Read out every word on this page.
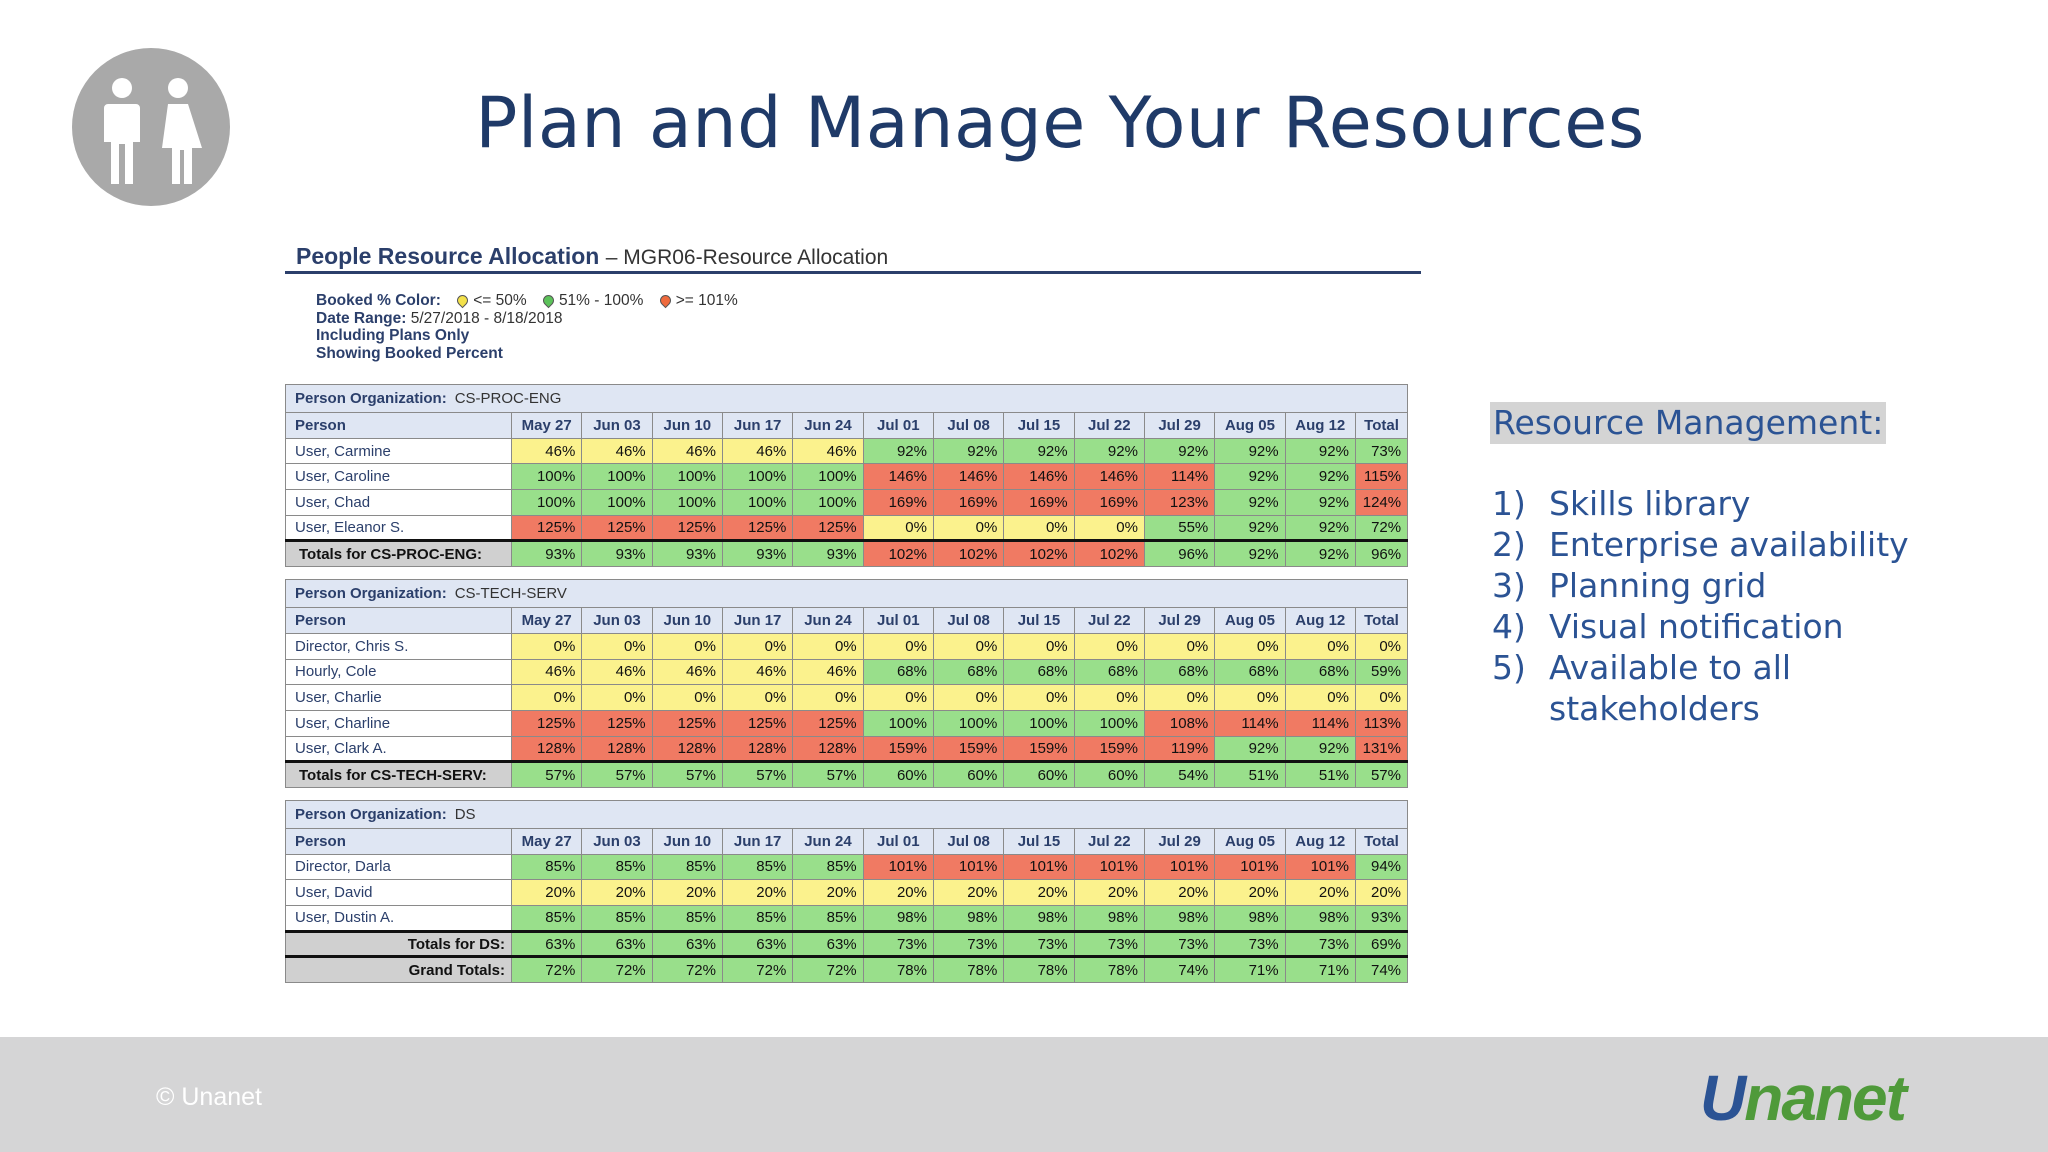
Plan and Manage Your Resources
People Resource Allocation – MGR06-Resource Allocation
Booked % Color: <= 50% 51% - 100% >= 101%
Date Range: 5/27/2018 - 8/18/2018
Including Plans Only
Showing Booked Percent
Person Organization: CS-PROC-ENG													
Person	May 27	Jun 03	Jun 10	Jun 17	Jun 24	Jul 01	Jul 08	Jul 15	Jul 22	Jul 29	Aug 05	Aug 12	Total
User, Carmine	46%	46%	46%	46%	46%	92%	92%	92%	92%	92%	92%	92%	73%
User, Caroline	100%	100%	100%	100%	100%	146%	146%	146%	146%	114%	92%	92%	115%
User, Chad	100%	100%	100%	100%	100%	169%	169%	169%	169%	123%	92%	92%	124%
User, Eleanor S.	125%	125%	125%	125%	125%	0%	0%	0%	0%	55%	92%	92%	72%
Totals for CS-PROC-ENG:	93%	93%	93%	93%	93%	102%	102%	102%	102%	96%	92%	92%	96%
Person Organization: CS-TECH-SERV													
Person	May 27	Jun 03	Jun 10	Jun 17	Jun 24	Jul 01	Jul 08	Jul 15	Jul 22	Jul 29	Aug 05	Aug 12	Total
Director, Chris S.	0%	0%	0%	0%	0%	0%	0%	0%	0%	0%	0%	0%	0%
Hourly, Cole	46%	46%	46%	46%	46%	68%	68%	68%	68%	68%	68%	68%	59%
User, Charlie	0%	0%	0%	0%	0%	0%	0%	0%	0%	0%	0%	0%	0%
User, Charline	125%	125%	125%	125%	125%	100%	100%	100%	100%	108%	114%	114%	113%
User, Clark A.	128%	128%	128%	128%	128%	159%	159%	159%	159%	119%	92%	92%	131%
Totals for CS-TECH-SERV:	57%	57%	57%	57%	57%	60%	60%	60%	60%	54%	51%	51%	57%
Person Organization: DS													
Person	May 27	Jun 03	Jun 10	Jun 17	Jun 24	Jul 01	Jul 08	Jul 15	Jul 22	Jul 29	Aug 05	Aug 12	Total
Director, Darla	85%	85%	85%	85%	85%	101%	101%	101%	101%	101%	101%	101%	94%
User, David	20%	20%	20%	20%	20%	20%	20%	20%	20%	20%	20%	20%	20%
User, Dustin A.	85%	85%	85%	85%	85%	98%	98%	98%	98%	98%	98%	98%	93%
Totals for DS:	63%	63%	63%	63%	63%	73%	73%	73%	73%	73%	73%	73%	69%
Grand Totals:	72%	72%	72%	72%	72%	78%	78%	78%	78%	74%	71%	71%	74%
Resource Management:
1) Skills library
2) Enterprise availability
3) Planning grid
4) Visual notification
5) Available to all stakeholders
© Unanet	Unanet
